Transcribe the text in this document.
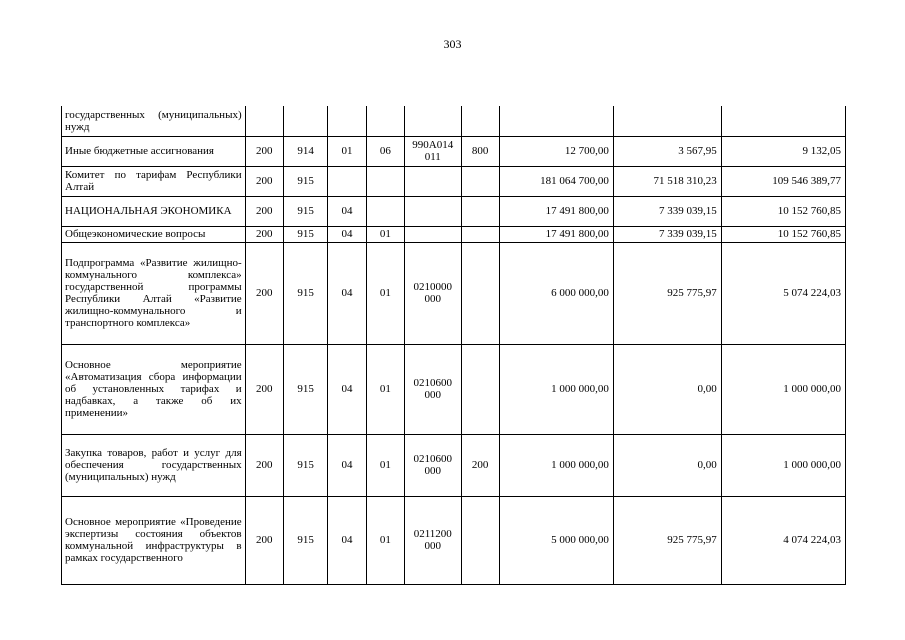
303
государственных (муниципальных) нужд									
Иные бюджетные ассигнования	200	914	01	06	990А014 011	800	12 700,00	3 567,95	9 132,05
Комитет по тарифам Республики Алтай	200	915					181 064 700,00	71 518 310,23	109 546 389,77
НАЦИОНАЛЬНАЯ ЭКОНОМИКА	200	915	04				17 491 800,00	7 339 039,15	10 152 760,85
Общеэкономические вопросы	200	915	04	01			17 491 800,00	7 339 039,15	10 152 760,85
Подпрограмма «Развитие жилищно-коммунального комплекса» государственной программы Республики Алтай «Развитие жилищно-коммунального и транспортного комплекса»	200	915	04	01	0210000 000		6 000 000,00	925 775,97	5 074 224,03
Основное мероприятие «Автоматизация сбора информации об установленных тарифах и надбавках, а также об их применении»	200	915	04	01	0210600 000		1 000 000,00	0,00	1 000 000,00
Закупка товаров, работ и услуг для обеспечения государственных (муниципальных) нужд	200	915	04	01	0210600 000	200	1 000 000,00	0,00	1 000 000,00
Основное мероприятие «Проведение экспертизы состояния объектов коммунальной инфраструктуры в рамках государственного	200	915	04	01	0211200 000		5 000 000,00	925 775,97	4 074 224,03
